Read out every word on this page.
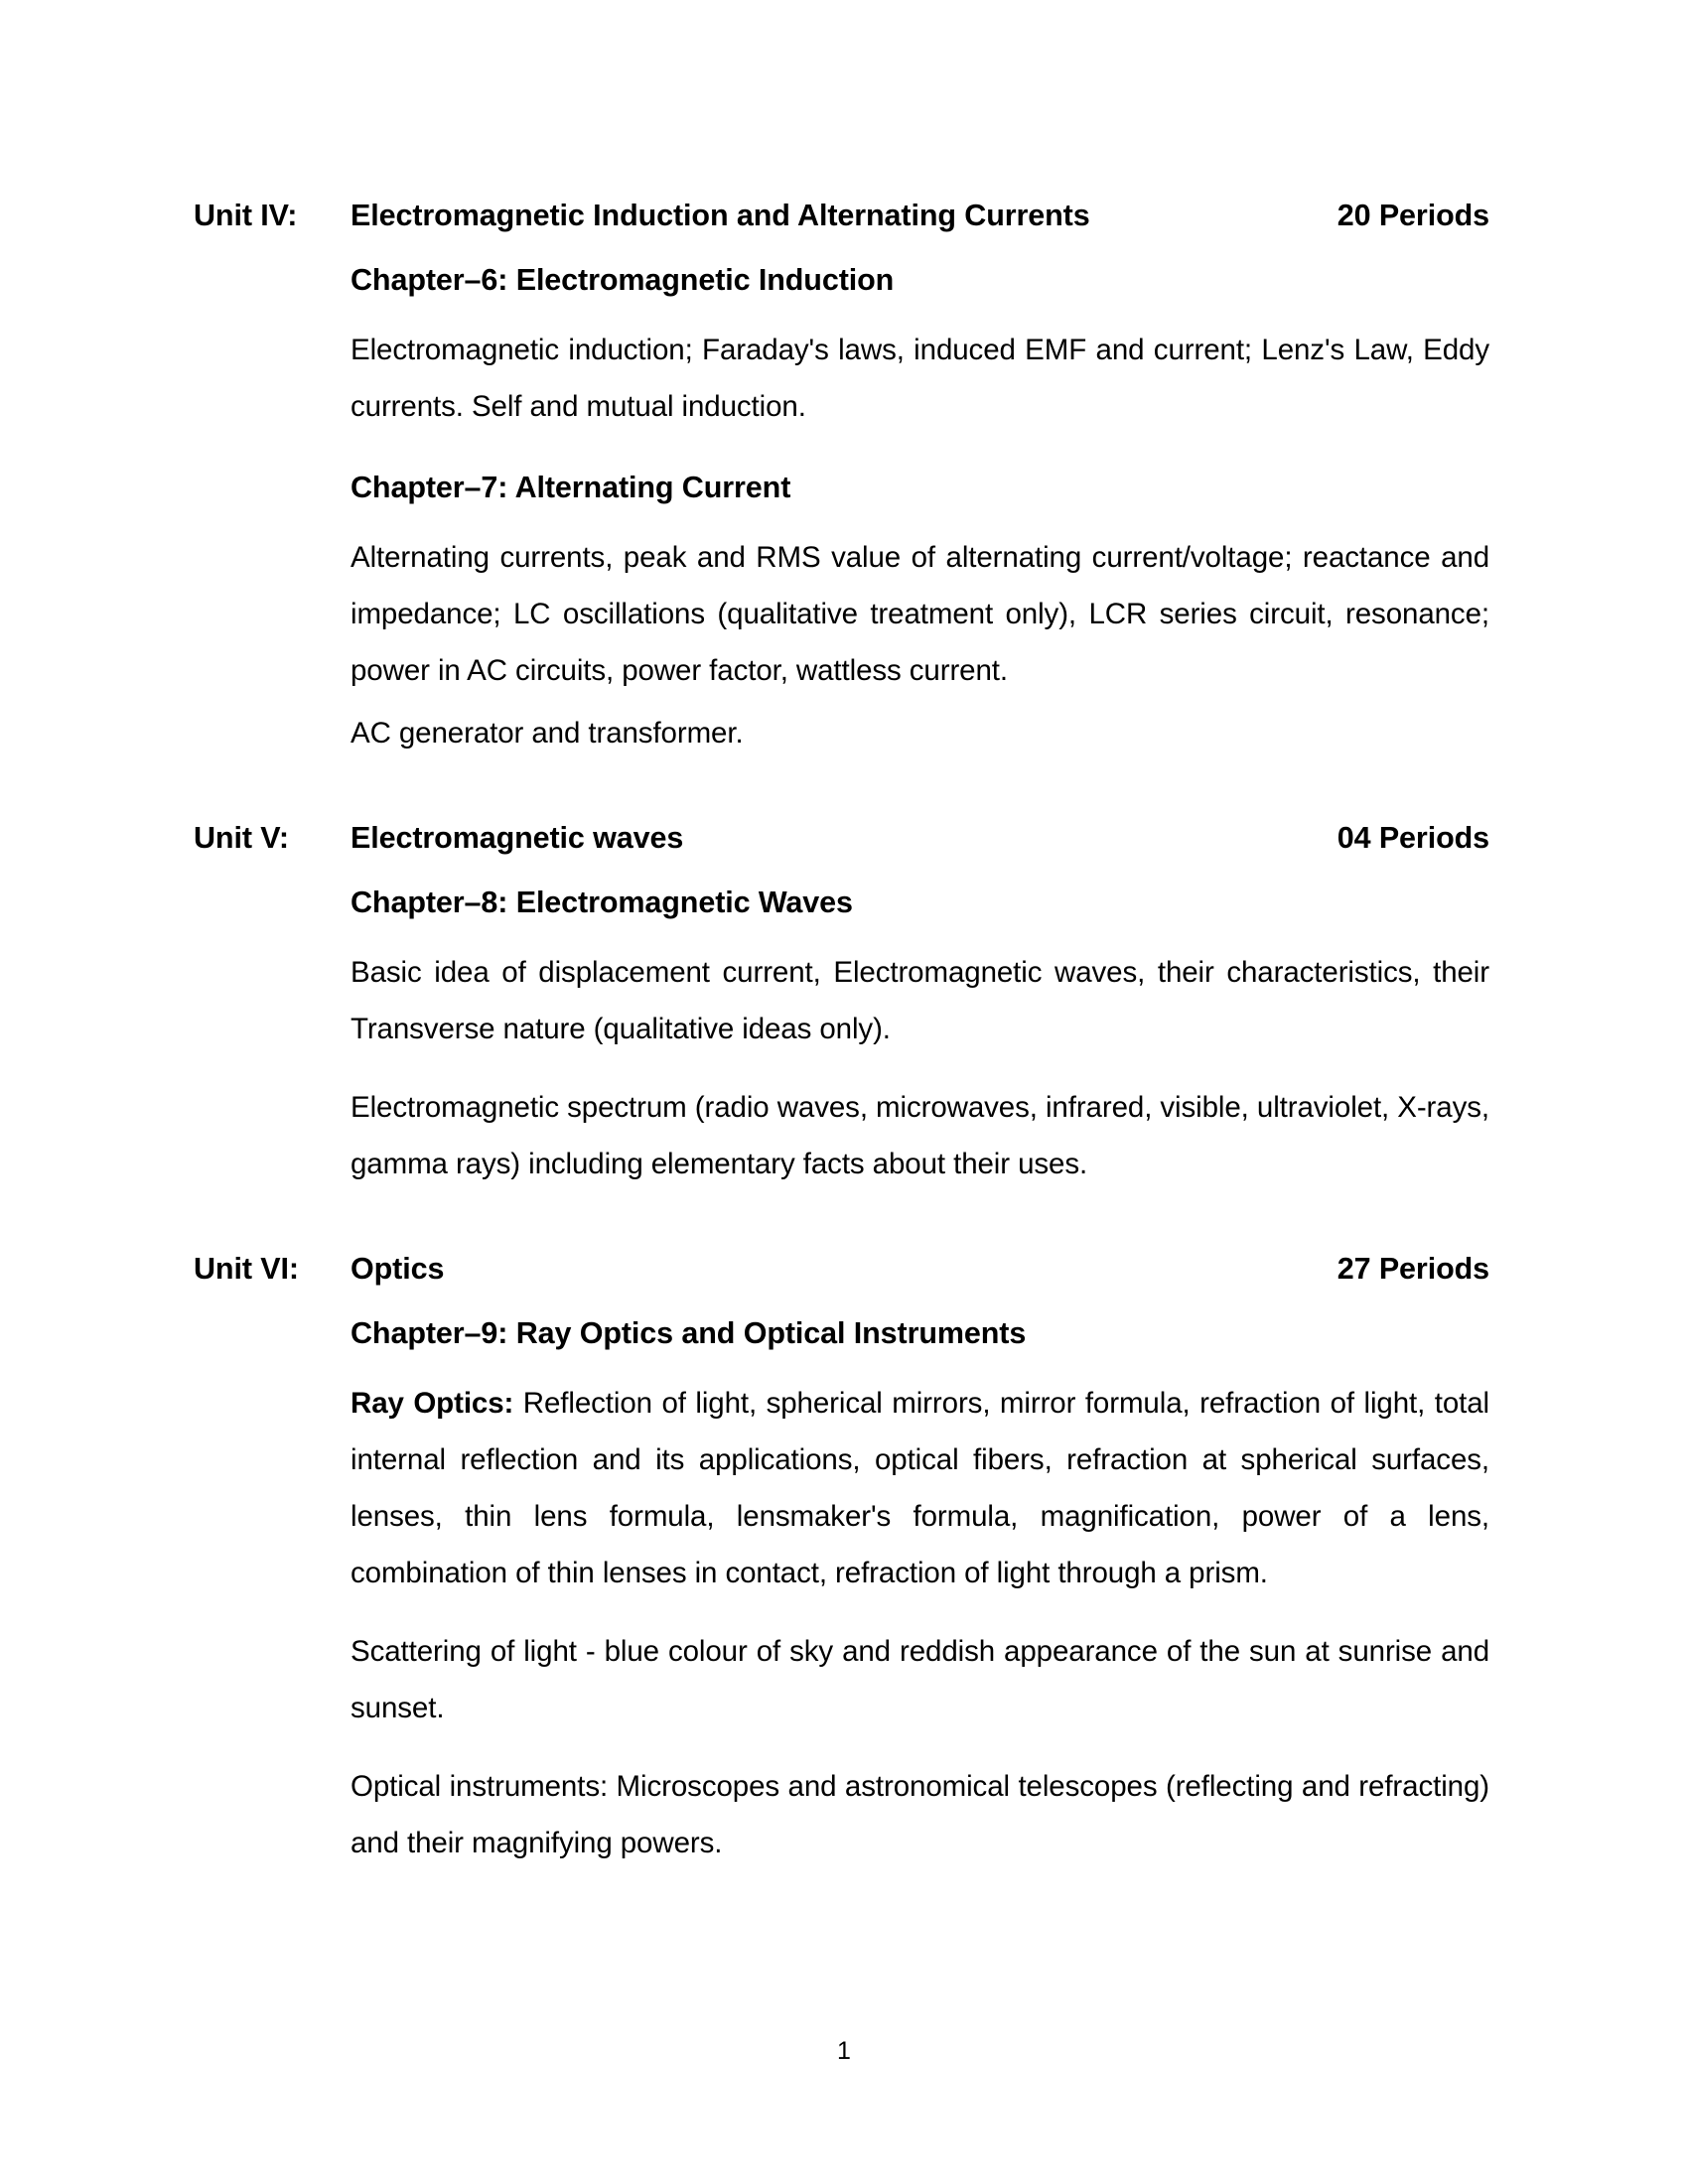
Unit IV:	Electromagnetic Induction and Alternating Currents	20 Periods
Chapter–6: Electromagnetic Induction

Electromagnetic induction; Faraday's laws, induced EMF and current; Lenz's Law, Eddy currents. Self and mutual induction.

Chapter–7: Alternating Current

Alternating currents, peak and RMS value of alternating current/voltage; reactance and impedance; LC oscillations (qualitative treatment only), LCR series circuit, resonance; power in AC circuits, power factor, wattless current.

AC generator and transformer.

Unit V:	Electromagnetic waves	04 Periods
Chapter–8: Electromagnetic Waves

Basic idea of displacement current, Electromagnetic waves, their characteristics, their Transverse nature (qualitative ideas only).

Electromagnetic spectrum (radio waves, microwaves, infrared, visible, ultraviolet, X-rays, gamma rays) including elementary facts about their uses.

Unit VI:	Optics	27 Periods
Chapter–9: Ray Optics and Optical Instruments

Ray Optics: Reflection of light, spherical mirrors, mirror formula, refraction of light, total internal reflection and its applications, optical fibers, refraction at spherical surfaces, lenses, thin lens formula, lensmaker's formula, magnification, power of a lens, combination of thin lenses in contact, refraction of light through a prism.

Scattering of light - blue colour of sky and reddish appearance of the sun at sunrise and sunset.

Optical instruments: Microscopes and astronomical telescopes (reflecting and refracting) and their magnifying powers.

1
